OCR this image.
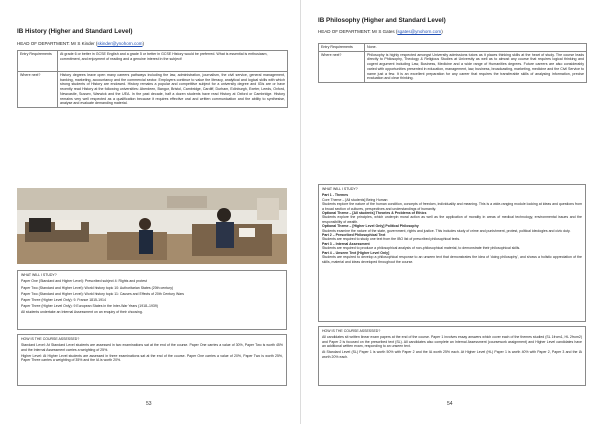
IB History (Higher and Standard Level)
HEAD OF DEPARTMENT: Mr S Kinder (skinder@ynohorn.com)
Entry Requirements	At grade 6 or better in GCSE English and a grade 5 or better in GCSE History would be preferred. What is essential is enthusiasm, commitment, and enjoyment of reading and a genuine interest in the subject!
Where next?	History degrees leave open many careers pathways including the law, administration, journalism, the civil service, general management, banking, marketing, accountancy and the commercial sector. Employers continue to value the literacy, analytical and logical skills with which strong students of History are endowed. History remains a popular and competitive subject for a university degree and IGIs are or have recently read History at the following universities: Aberdeen, Bangor, Bristol, Cambridge, Cardiff, Durham, Edinburgh, Exeter, Leeds, Oxford, Newcastle, Sussex, Warwick and the UEA. In the past decade, half a dozen students have read History at Oxford or Cambridge. History remains very well respected as a qualification because it requires effective oral and written communication and the ability to synthesise, analyse and evaluate demanding material.
WHAT WILL I STUDY?

Paper One (Standard and Higher Level): Prescribed subject 4: Rights and protest

Paper Two (Standard and Higher Level): World history topic 10: Authoritarian States (20th century)

Paper Two (Standard and Higher Level): World history topic 11: Causes and Effects of 20th Century Wars

Paper Three (Higher Level Only): 9. France 1815-1914

Paper Three (Higher Level Only): 9 European States in the Inter-War Years (1918–1939)

All students undertake an Internal Assessment on an enquiry of their choosing.

HOW IS THE COURSE ASSESSED?

Standard Level: At Standard Level students are assessed in two examinations sat at the end of the course. Paper One carries a value of 30%, Paper Two is worth 45% and the Internal Assessment carries a weighting of 25%.

Higher Level: At Higher Level students are assessed in three examinations sat at the end of the course. Paper One carries a value of 20%, Paper Two is worth 25%, Paper Three carries a weighting of 35% and the IA is worth 20%.

53
IB Philosophy (Higher and Standard Level)
HEAD OF DEPARTMENT: Mr S Gates (sgates@ynohorn.com)
Entry Requirements	None.
Where next?	Philosophy is highly respected amongst University admissions tutors as it places thinking skills at the heart of study. The course leads directly to Philosophy, Theology & Religious Studies at University as well as to almost any course that requires logical thinking and cogent argument including Law, Business, Medicine and a wide range of Humanities degrees. Future careers are also considerably varied with opportunities presented in education, management, law, business, broadcasting, marketing, medicine and the Civil Service to name just a few. It is an excellent preparation for any career that requires the transferable skills of analysing information, precise evaluation and clear thinking.
WHAT WILL I STUDY?
Part 1 - Themes
Core Theme – [All students] Being Human
Students explore the nature of the human condition, concepts of freedom, individuality and meaning. This is a wide-ranging module looking at ideas and questions from a broad section of cultures, perspectives and understandings of humanity.
Optional Theme – [All students] Theories & Problems of Ethics
Students explore the principles, which underpin moral action as well as the application of morality in areas of medical technology, environmental issues and the responsibility of wealth.
Optional Theme – [Higher Level Only] Political Philosophy
Students examine the nature of the state, government, rights and justice. This includes study of crime and punishment, protest, political ideologies and civic duty.
Part 2 – Prescribed Philosophical Text
Students are required to study one text from the IBO list of prescribed philosophical texts.
Part 3 – Internal Assessment
Students are required to produce a philosophical analysis of non-philosophical material, to demonstrate their philosophical skills.
Part 4 – Unseen Text [Higher Level Only]
Students are required to develop a philosophical response to an unseen text that demonstrates the idea of 'doing philosophy', and shows a holistic appreciation of the skills, material and ideas developed throughout the course.
HOW IS THE COURSE ASSESSED?

All candidates sit written linear exam papers at the end of the course. Paper 1 involves essay answers which cover each of the themes studied (SL 1from1, HL 2from2) and Paper 2 is focused on the prescribed text (SL). All candidates also complete an Internal Assessment (coursework assignment) and Higher Level candidates have an additional written exam, responding to an unseen text.

At Standard Level (SL) Paper 1 is worth 50% with Paper 2 and the IA worth 25% each. At Higher Level (HL) Paper 1 is worth 40% with Paper 2, Paper 3 and the IA worth 20% each.

54
